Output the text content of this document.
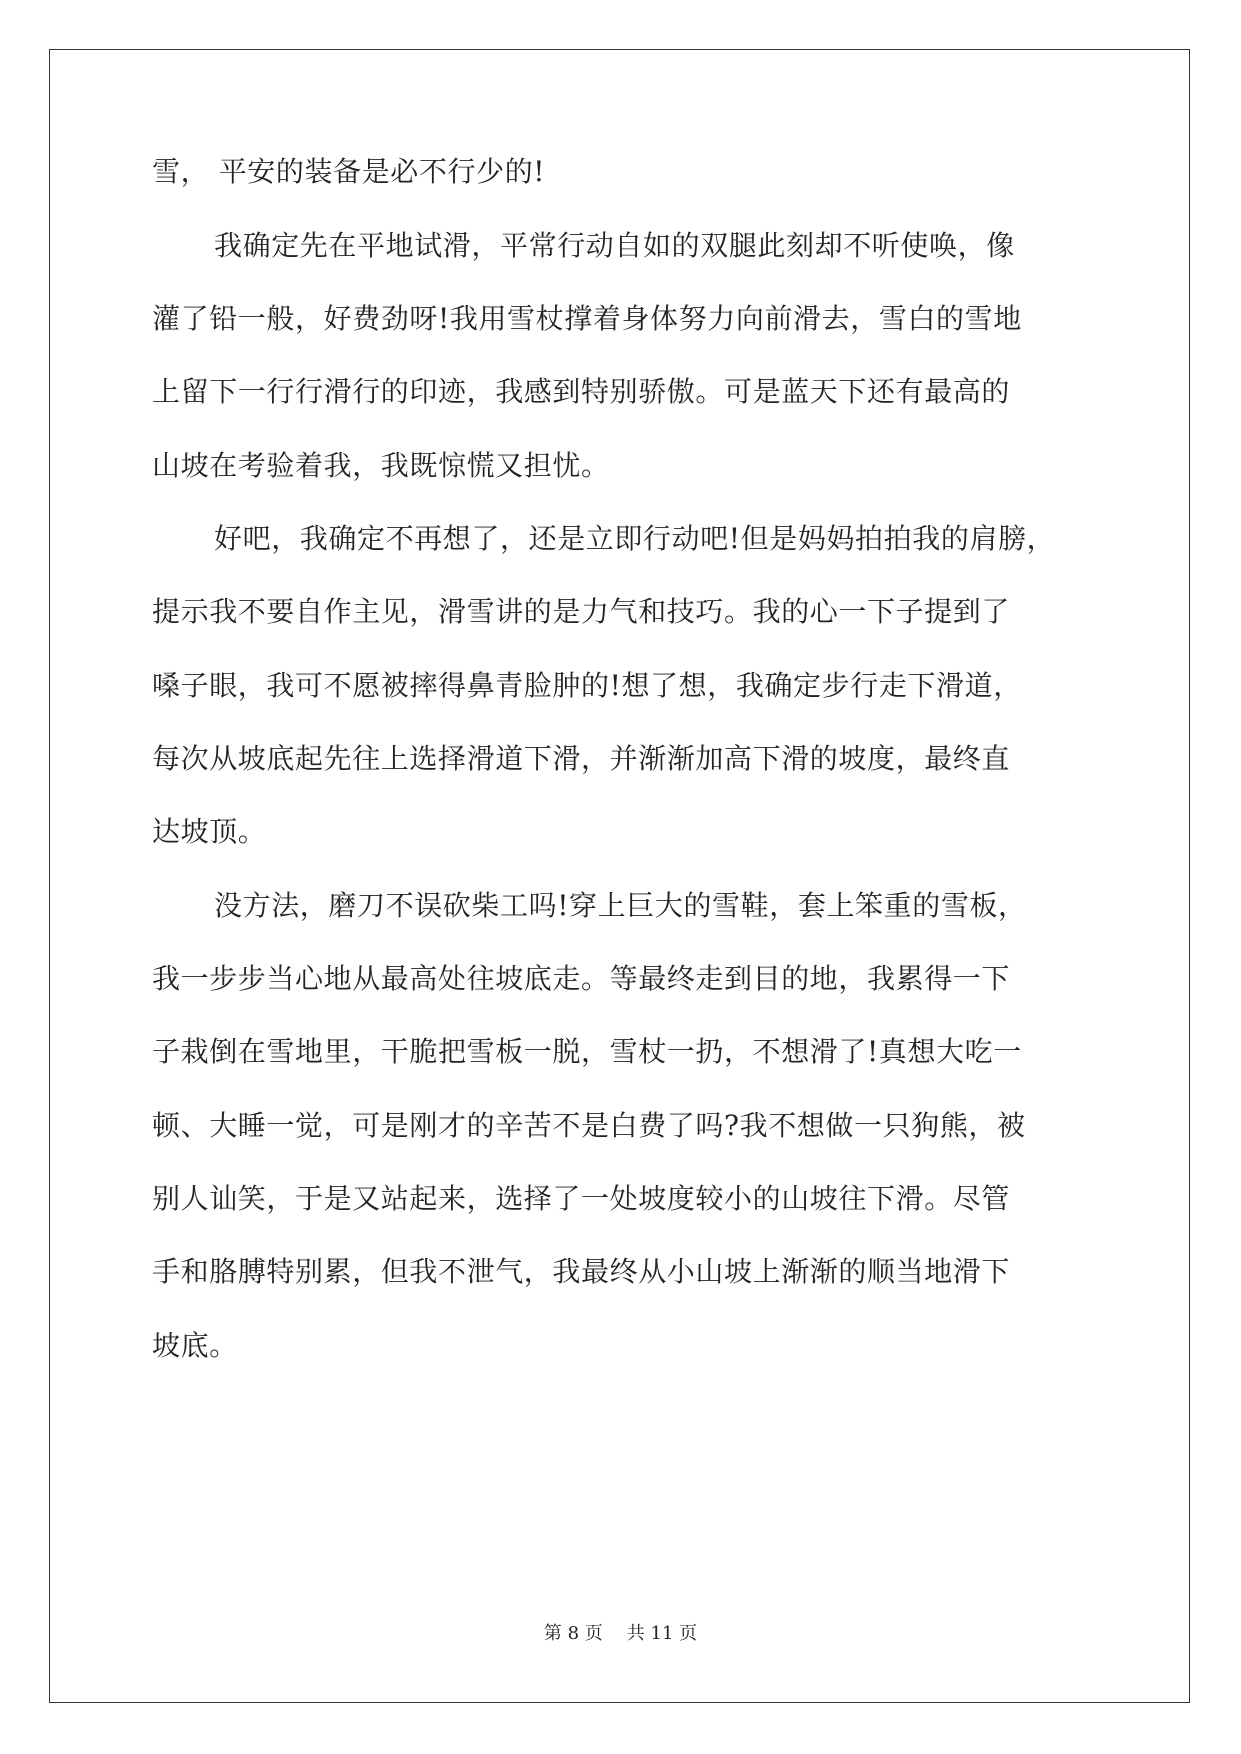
雪， 平安的装备是必不行少的!
我确定先在平地试滑，平常行动自如的双腿此刻却不听使唤，像
灌了铅一般，好费劲呀!我用雪杖撑着身体努力向前滑去，雪白的雪地
上留下一行行滑行的印迹，我感到特别骄傲。可是蓝天下还有最高的
山坡在考验着我，我既惊慌又担忧。
好吧，我确定不再想了，还是立即行动吧!但是妈妈拍拍我的肩膀，
提示我不要自作主见，滑雪讲的是力气和技巧。我的心一下子提到了
嗓子眼，我可不愿被摔得鼻青脸肿的!想了想，我确定步行走下滑道，
每次从坡底起先往上选择滑道下滑，并渐渐加高下滑的坡度，最终直
达坡顶。
没方法，磨刀不误砍柴工吗!穿上巨大的雪鞋，套上笨重的雪板，
我一步步当心地从最高处往坡底走。等最终走到目的地，我累得一下
子栽倒在雪地里，干脆把雪板一脱，雪杖一扔，不想滑了!真想大吃一
顿、大睡一觉，可是刚才的辛苦不是白费了吗?我不想做一只狗熊，被
别人讪笑，于是又站起来，选择了一处坡度较小的山坡往下滑。尽管
手和胳膊特别累，但我不泄气，我最终从小山坡上渐渐的顺当地滑下
坡底。
第 8 页 共 11 页
